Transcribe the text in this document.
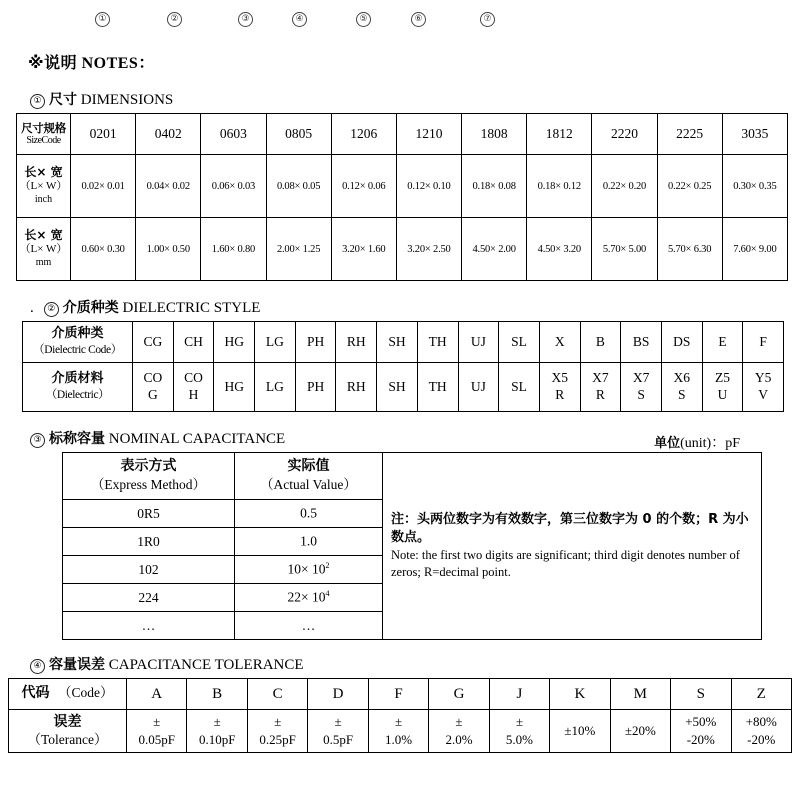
①	②	③	④	⑤	⑥	⑦
※说明 NOTES：
① 尺寸 DIMENSIONS
尺寸规格
SizeCode	0201	0402	0603	0805	1206	1210	1808	1812	2220	2225	3035

长× 宽
（L× W）
inch	0.02× 0.01	0.04× 0.02	0.06× 0.03	0.08× 0.05	0.12× 0.06	0.12× 0.10	0.18× 0.08	0.18× 0.12	0.22× 0.20	0.22× 0.25	0.30× 0.35

长× 宽
（L× W）
mm	0.60× 0.30	1.00× 0.50	1.60× 0.80	2.00× 1.25	3.20× 1.60	3.20× 2.50	4.50× 2.00	4.50× 3.20	5.70× 5.00	5.70× 6.30	7.60× 9.00
. ② 介质种类 DIELECTRIC STYLE
介质种类
（Dielectric Code）	CG	CH	HG	LG	PH	RH	SH	TH	UJ	SL	X	B	BS	DS	E	F

介质材料
（Dielectric）	CO
G	CO
H	HG	LG	PH	RH	SH	TH	UJ	SL	X5
R	X7
R	X7
S	X6
S	Z5
U	Y5
V
③ 标称容量 NOMINAL CAPACITANCE	单位(unit)：pF
表示方式
（Express Method）	实际值
（Actual Value）	注：头两位数字为有效数字，第三位数字为 0 的个数；R 为小数点。
Note: the first two digits are significant; third digit denotes number of zeros; R=decimal point.

0R5	0.5	
1R0	1.0	
102	$10\times 10^2$
224	$22\times 10^4$
…	…	
④ 容量误差 CAPACITANCE TOLERANCE
代码 （Code）	A	B	C	D	F	G	J	K	M	S	Z

误差
（Tolerance）	±
0.05pF	±
0.10pF	±
0.25pF	±
0.5pF	±
1.0%	±
2.0%	±
5.0%	±10%	±20%	+50%
-20%	+80%
-20%
